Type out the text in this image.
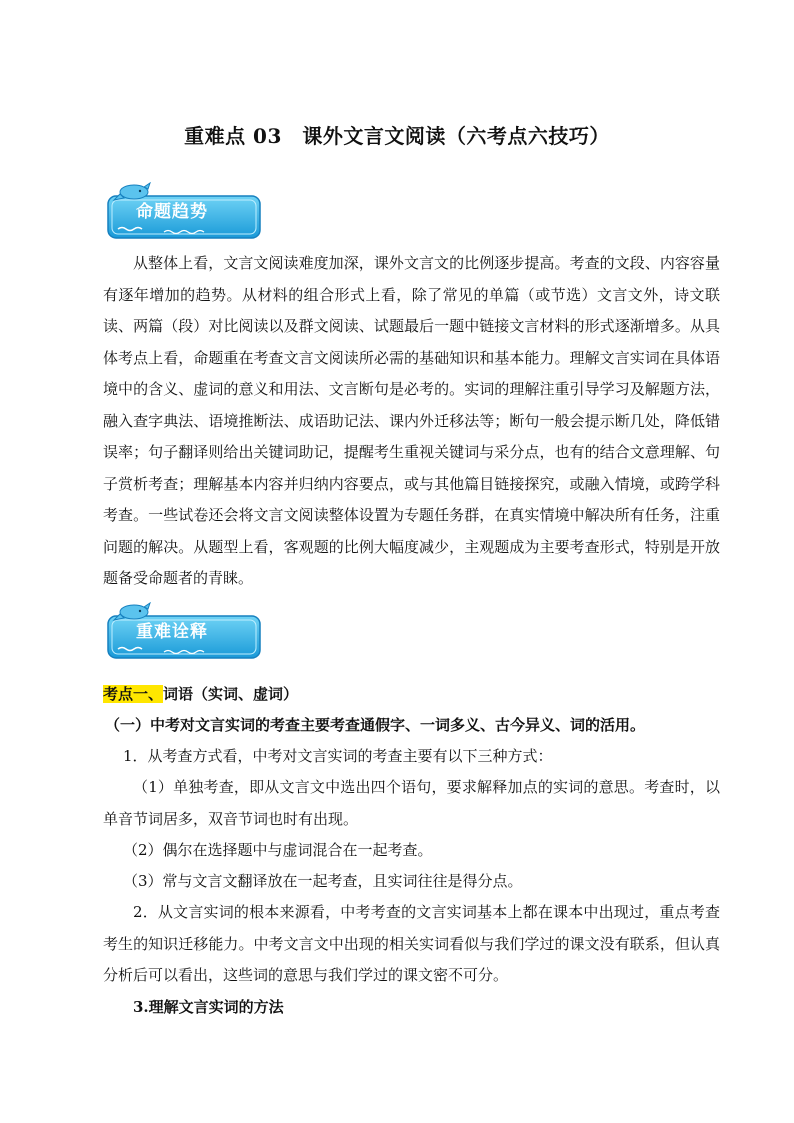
重难点 03　课外文言文阅读（六考点六技巧）
命题趋势
从整体上看，文言文阅读难度加深，课外文言文的比例逐步提高。考查的文段、内容容量有逐年增加的趋势。从材料的组合形式上看，除了常见的单篇（或节选）文言文外，诗文联读、两篇（段）对比阅读以及群文阅读、试题最后一题中链接文言材料的形式逐渐增多。从具体考点上看，命题重在考查文言文阅读所必需的基础知识和基本能力。理解文言实词在具体语境中的含义、虚词的意义和用法、文言断句是必考的。实词的理解注重引导学习及解题方法，融入查字典法、语境推断法、成语助记法、课内外迁移法等；断句一般会提示断几处，降低错误率；句子翻译则给出关键词助记，提醒考生重视关键词与采分点，也有的结合文意理解、句子赏析考查；理解基本内容并归纳内容要点，或与其他篇目链接探究，或融入情境，或跨学科考查。一些试卷还会将文言文阅读整体设置为专题任务群，在真实情境中解决所有任务，注重问题的解决。从题型上看，客观题的比例大幅度减少，主观题成为主要考查形式，特别是开放题备受命题者的青睐。
重难诠释
考点一、词语（实词、虚词）
（一）中考对文言实词的考查主要考查通假字、一词多义、古今异义、词的活用。
1．从考查方式看，中考对文言实词的考查主要有以下三种方式：
（1）单独考查，即从文言文中选出四个语句，要求解释加点的实词的意思。考查时，以单音节词居多，双音节词也时有出现。
（2）偶尔在选择题中与虚词混合在一起考查。
（3）常与文言文翻译放在一起考查，且实词往往是得分点。
2．从文言实词的根本来源看，中考考查的文言实词基本上都在课本中出现过，重点考查考生的知识迁移能力。中考文言文中出现的相关实词看似与我们学过的课文没有联系，但认真分析后可以看出，这些词的意思与我们学过的课文密不可分。
3.理解文言实词的方法
